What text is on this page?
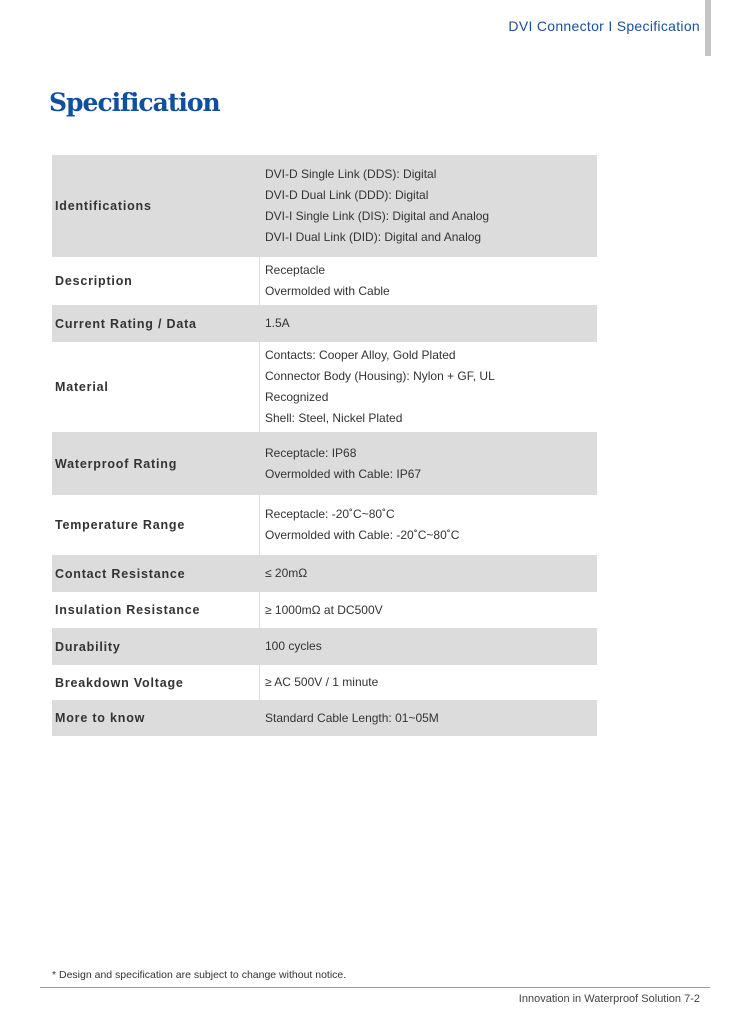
DVI Connector I Specification
Specification
Identifications	DVI-D Single Link (DDS): Digital
DVI-D Dual Link (DDD): Digital
DVI-I Single Link (DIS): Digital and Analog
DVI-I Dual Link (DID): Digital and Analog

Description	Receptacle
Overmolded with Cable

Current Rating / Data	1.5A

Material	Contacts: Cooper Alloy, Gold Plated
Connector Body (Housing): Nylon + GF, UL
Recognized
Shell: Steel, Nickel Plated

Waterproof Rating	Receptacle: IP68
Overmolded with Cable: IP67

Temperature Range	Receptacle: -20˚C~80˚C
Overmolded with Cable: -20˚C~80˚C

Contact Resistance	≤ 20mΩ

Insulation Resistance	≥ 1000mΩ at DC500V

Durability	100 cycles

Breakdown Voltage	≥ AC 500V / 1 minute

More to know	Standard Cable Length: 01~05M
* Design and specification are subject to change without notice.
Innovation in Waterproof Solution 7-2
